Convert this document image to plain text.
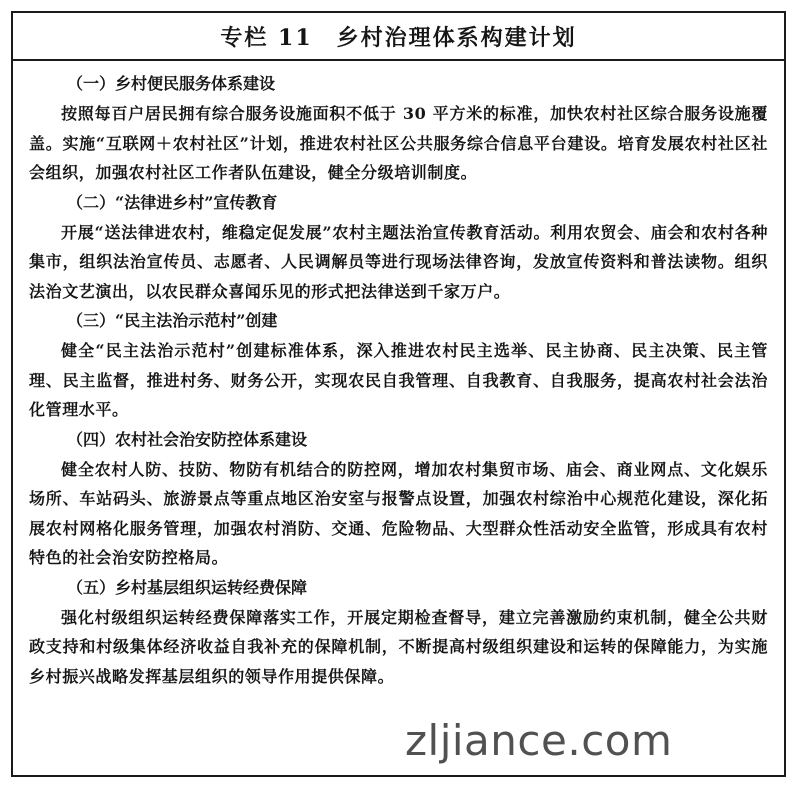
专栏 11　乡村治理体系构建计划
（一）乡村便民服务体系建设

按照每百户居民拥有综合服务设施面积不低于 30 平方米的标准，加快农村社区综合服务设施覆盖。实施“互联网＋农村社区”计划，推进农村社区公共服务综合信息平台建设。培育发展农村社区社会组织，加强农村社区工作者队伍建设，健全分级培训制度。

（二）“法律进乡村”宣传教育

开展“送法律进农村，维稳定促发展”农村主题法治宣传教育活动。利用农贸会、庙会和农村各种集市，组织法治宣传员、志愿者、人民调解员等进行现场法律咨询，发放宣传资料和普法读物。组织法治文艺演出，以农民群众喜闻乐见的形式把法律送到千家万户。

（三）“民主法治示范村”创建

健全“民主法治示范村”创建标准体系，深入推进农村民主选举、民主协商、民主决策、民主管理、民主监督，推进村务、财务公开，实现农民自我管理、自我教育、自我服务，提高农村社会法治化管理水平。

（四）农村社会治安防控体系建设

健全农村人防、技防、物防有机结合的防控网，增加农村集贸市场、庙会、商业网点、文化娱乐场所、车站码头、旅游景点等重点地区治安室与报警点设置，加强农村综治中心规范化建设，深化拓展农村网格化服务管理，加强农村消防、交通、危险物品、大型群众性活动安全监管，形成具有农村特色的社会治安防控格局。

（五）乡村基层组织运转经费保障

强化村级组织运转经费保障落实工作，开展定期检查督导，建立完善激励约束机制，健全公共财政支持和村级集体经济收益自我补充的保障机制，不断提高村级组织建设和运转的保障能力，为实施乡村振兴战略发挥基层组织的领导作用提供保障。

zljiance.com
